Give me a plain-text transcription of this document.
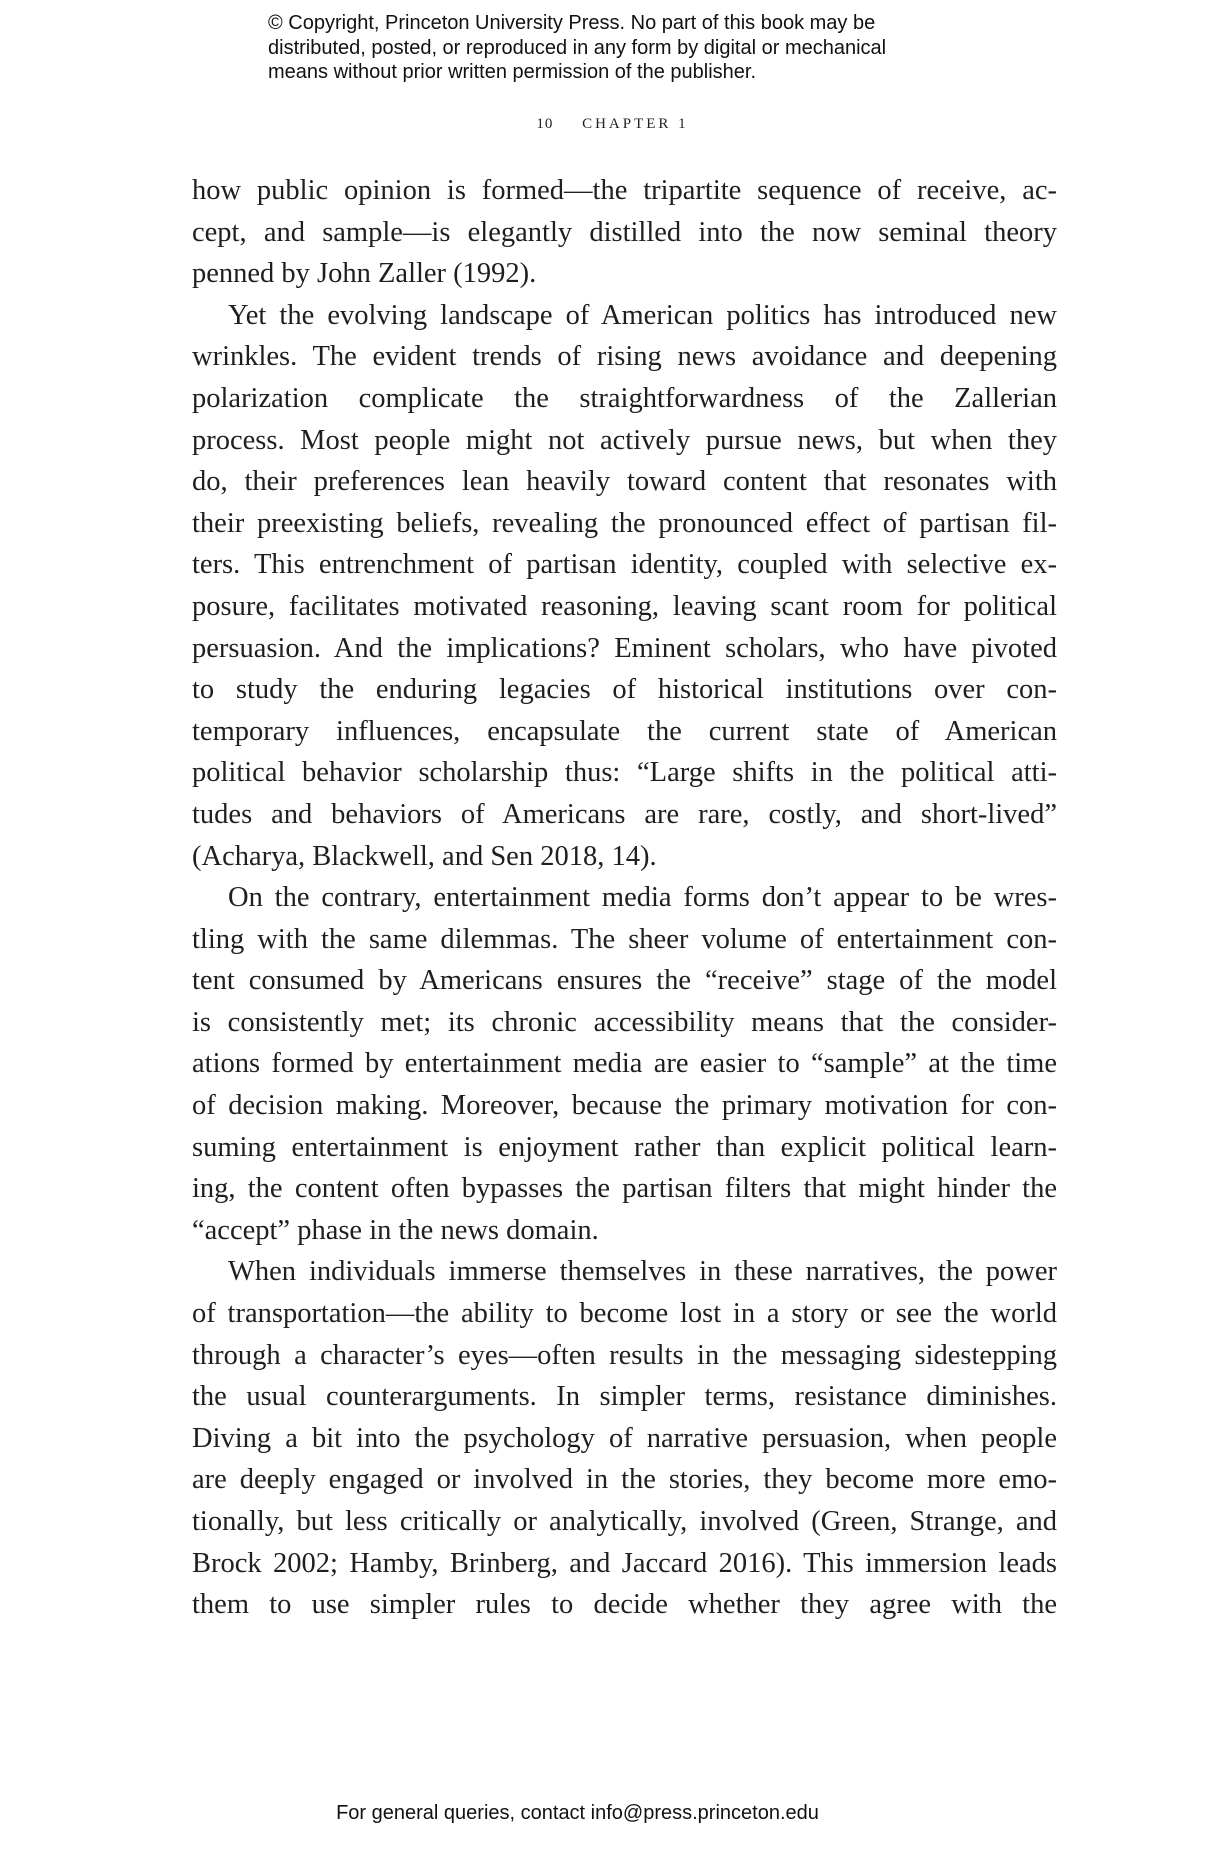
© Copyright, Princeton University Press. No part of this book may be
distributed, posted, or reproduced in any form by digital or mechanical
means without prior written permission of the publisher.
10 CHAPTER 1
how public opinion is formed—the tripartite sequence of receive, ac-
cept, and sample—is elegantly distilled into the now seminal theory
penned by John Zaller (1992).
Yet the evolving landscape of American politics has introduced new
wrinkles. The evident trends of rising news avoidance and deepening
polarization complicate the straightforwardness of the Zallerian
process. Most people might not actively pursue news, but when they
do, their preferences lean heavily toward content that resonates with
their preexisting beliefs, revealing the pronounced effect of partisan fil-
ters. This entrenchment of partisan identity, coupled with selective ex-
posure, facilitates motivated reasoning, leaving scant room for political
persuasion. And the implications? Eminent scholars, who have pivoted
to study the enduring legacies of historical institutions over con-
temporary influences, encapsulate the current state of American
political behavior scholarship thus: “Large shifts in the political atti-
tudes and behaviors of Americans are rare, costly, and short-lived”
(Acharya, Blackwell, and Sen 2018, 14).
On the contrary, entertainment media forms don’t appear to be wres-
tling with the same dilemmas. The sheer volume of entertainment con-
tent consumed by Americans ensures the “receive” stage of the model
is consistently met; its chronic accessibility means that the consider-
ations formed by entertainment media are easier to “sample” at the time
of decision making. Moreover, because the primary motivation for con-
suming entertainment is enjoyment rather than explicit political learn-
ing, the content often bypasses the partisan filters that might hinder the
“accept” phase in the news domain.
When individuals immerse themselves in these narratives, the power
of transportation—the ability to become lost in a story or see the world
through a character’s eyes—often results in the messaging sidestepping
the usual counterarguments. In simpler terms, resistance diminishes.
Diving a bit into the psychology of narrative persuasion, when people
are deeply engaged or involved in the stories, they become more emo-
tionally, but less critically or analytically, involved (Green, Strange, and
Brock 2002; Hamby, Brinberg, and Jaccard 2016). This immersion leads
them to use simpler rules to decide whether they agree with the
For general queries, contact info@press.princeton.edu
